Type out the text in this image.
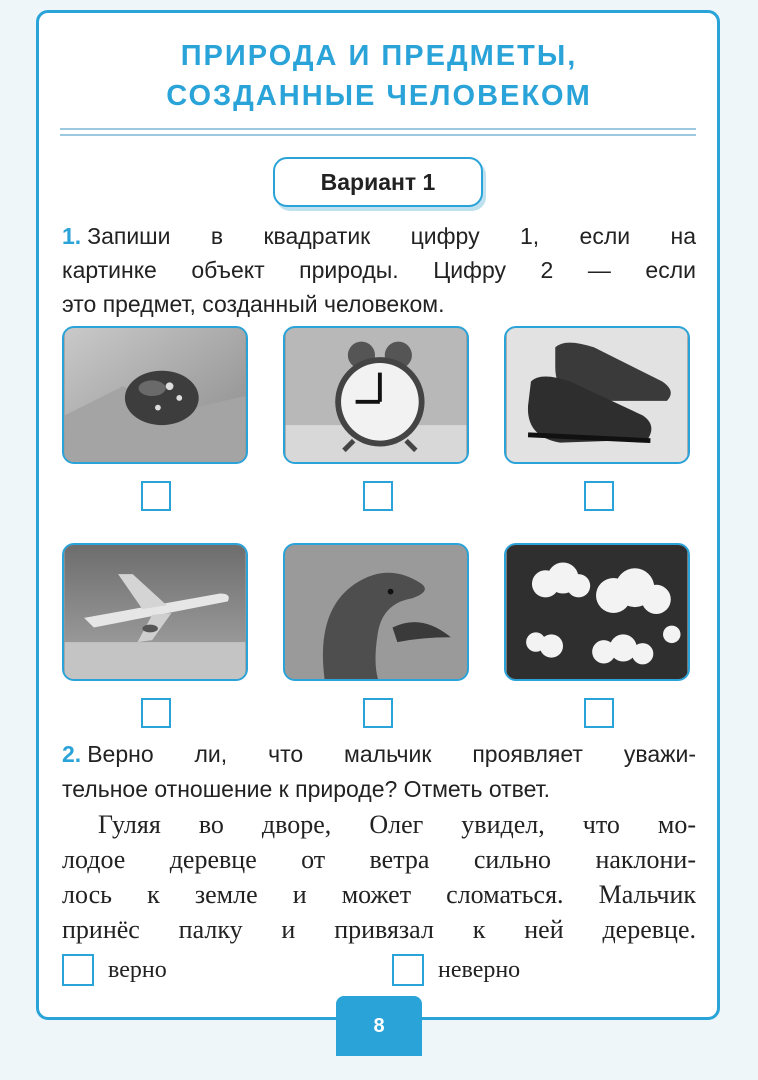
ПРИРОДА И ПРЕДМЕТЫ,
СОЗДАННЫЕ ЧЕЛОВЕКОМ
Вариант 1
1. Запиши в квадратик цифру 1, если на
картинке объект природы. Цифру 2 — если
это предмет, созданный человеком.
2. Верно ли, что мальчик проявляет уважи-
тельное отношение к природе? Отметь ответ.
Гуляя во дворе, Олег увидел, что мо-
лодое деревце от ветра сильно наклони-
лось к земле и может сломаться. Мальчик
принёс палку и привязал к ней деревце.
верно	неверно
8
